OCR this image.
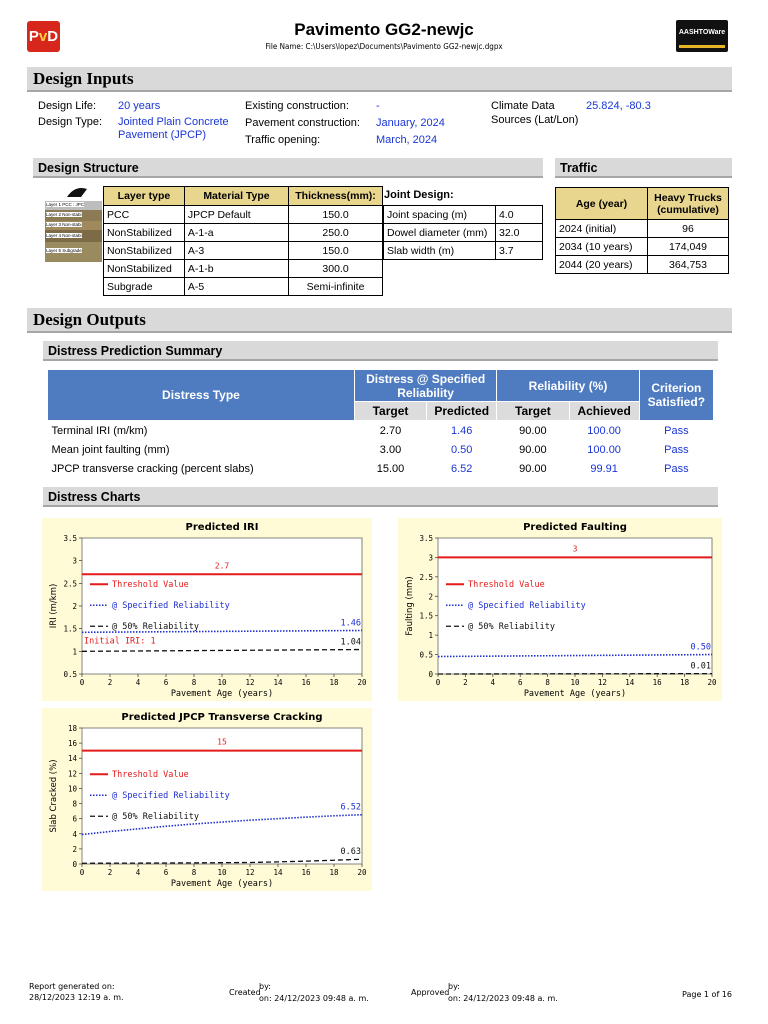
P v D	Pavimento GG2-newjc
File Name: C:\Users\lopez\Documents\Pavimento GG2-newjc.dgpx
AASHTOWare
Design Inputs
Design Life: 20 years
Design Type: Jointed Plain Concrete
Pavement (JPCP)
Existing construction: -
Pavement construction: January, 2024
Traffic opening:	March, 2024
Climate Data
Sources (Lat/Lon)
25.824, -80.3
Design Structure
Layer 1 PCC : JPC
Layer 2 Non-stabi
Layer 3 Non-stabi
Layer 4 Non-stabi
Layer 5 Subgrade
Layer type	Material Type	Thickness(mm):
PCC	JPCP Default	150.0
NonStabilized	A-1-a	250.0
NonStabilized	A-3	150.0
NonStabilized	A-1-b	300.0
Subgrade	A-5	Semi-infinite
Joint Design:
Joint spacing (m)	4.0
Dowel diameter (mm)	32.0
Slab width (m)	3.7
Traffic
Age (year)	Heavy Trucks (cumulative)
2024 (initial)	96
2034 (10 years)	174,049
2044 (20 years)	364,753
Design Outputs
Distress Prediction Summary
Distress Type	Distress @ Specified Reliability		Reliability (%)		Criterion Satisfied?
	Target	Predicted	Target	Achieved	
Terminal IRI (m/km)	2.70	1.46	90.00	100.00	Pass
Mean joint faulting (mm)	3.00	0.50	90.00	100.00	Pass
JPCP transverse cracking (percent slabs)	15.00	6.52	90.00	99.91	Pass
Distress Charts
Predicted IRI
0.5
1
1.5
2
2.5
3
3.5
0	2	4	6	8	10	12	14	16	18	20
Pavement Age (years)
IRI (m/km)
2.7
1.46
1.04
Threshold Value
@ Specified Reliability
@ 50% Reliability
Initial IRI: 1
Predicted Faulting
0
0.5
1
1.5
2
2.5
3
3.5
0	2	4	6	8	10 12 14 16 18 20
Pavement Age (years)
Faulting (mm)
3
0.50
0.01
Threshold Value
@ Specified Reliability
@ 50% Reliability
Predicted JPCP Transverse Cracking
0
2
4
6
8
10
12
14
16
18
0	2	4	6	8	10	12	14	16	18	20
Pavement Age (years)
Slab Cracked (%)
15
6.52
0.63
Threshold Value
@ Specified Reliability
@ 50% Reliability
Report generated on:
28/12/2023 12:19 a. m.
Created
by:
on: 24/12/2023 09:48 a. m.
Approved
by:
on: 24/12/2023 09:48 a. m.	Page 1 of 16
